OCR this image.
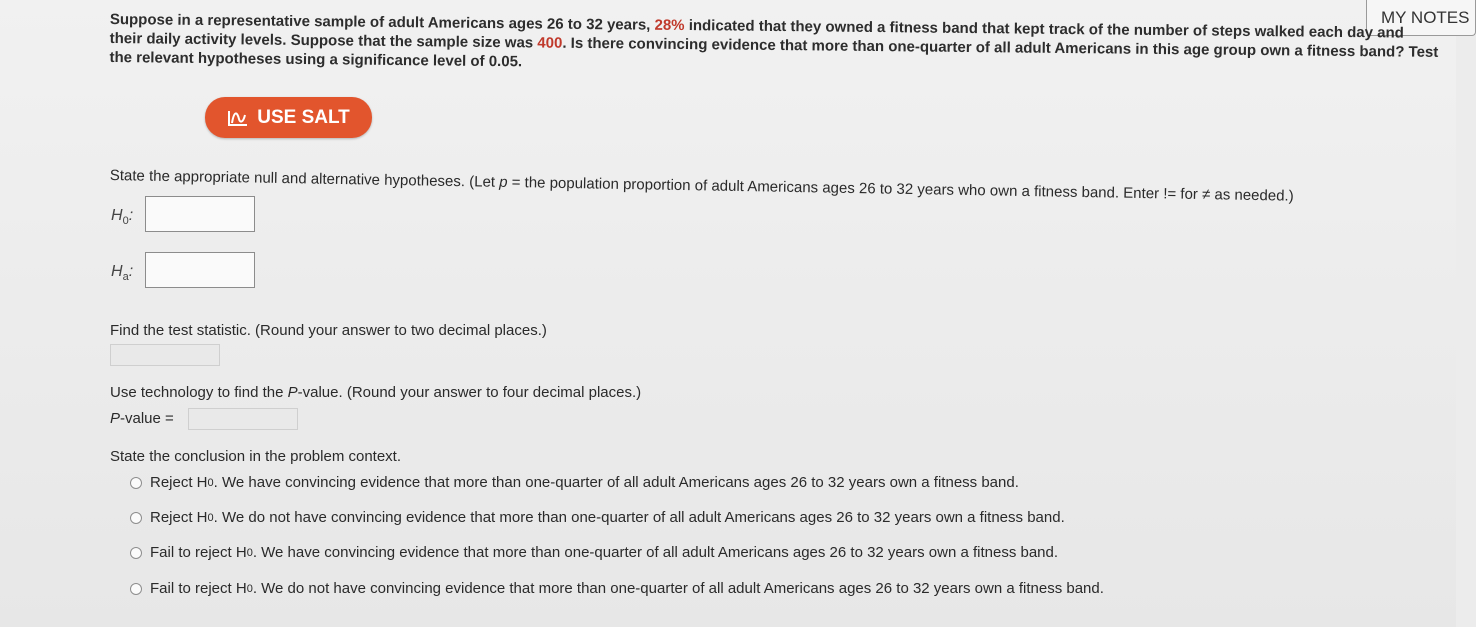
MY NOTES
Suppose in a representative sample of adult Americans ages 26 to 32 years, 28% indicated that they owned a fitness band that kept track of the number of steps walked each day and their daily activity levels. Suppose that the sample size was 400. Is there convincing evidence that more than one-quarter of all adult Americans in this age group own a fitness band? Test the relevant hypotheses using a significance level of 0.05.
USE SALT
State the appropriate null and alternative hypotheses. (Let p = the population proportion of adult Americans ages 26 to 32 years who own a fitness band. Enter != for ≠ as needed.)
$H_0$:
$H_a$:
Find the test statistic. (Round your answer to two decimal places.)
Use technology to find the P-value. (Round your answer to four decimal places.)
P-value =
State the conclusion in the problem context.
Reject H 0 . We have convincing evidence that more than one-quarter of all adult Americans ages 26 to 32 years own a fitness band.
Reject H 0 . We do not have convincing evidence that more than one-quarter of all adult Americans ages 26 to 32 years own a fitness band.
Fail to reject H 0 . We have convincing evidence that more than one-quarter of all adult Americans ages 26 to 32 years own a fitness band.
Fail to reject H 0 . We do not have convincing evidence that more than one-quarter of all adult Americans ages 26 to 32 years own a fitness band.
